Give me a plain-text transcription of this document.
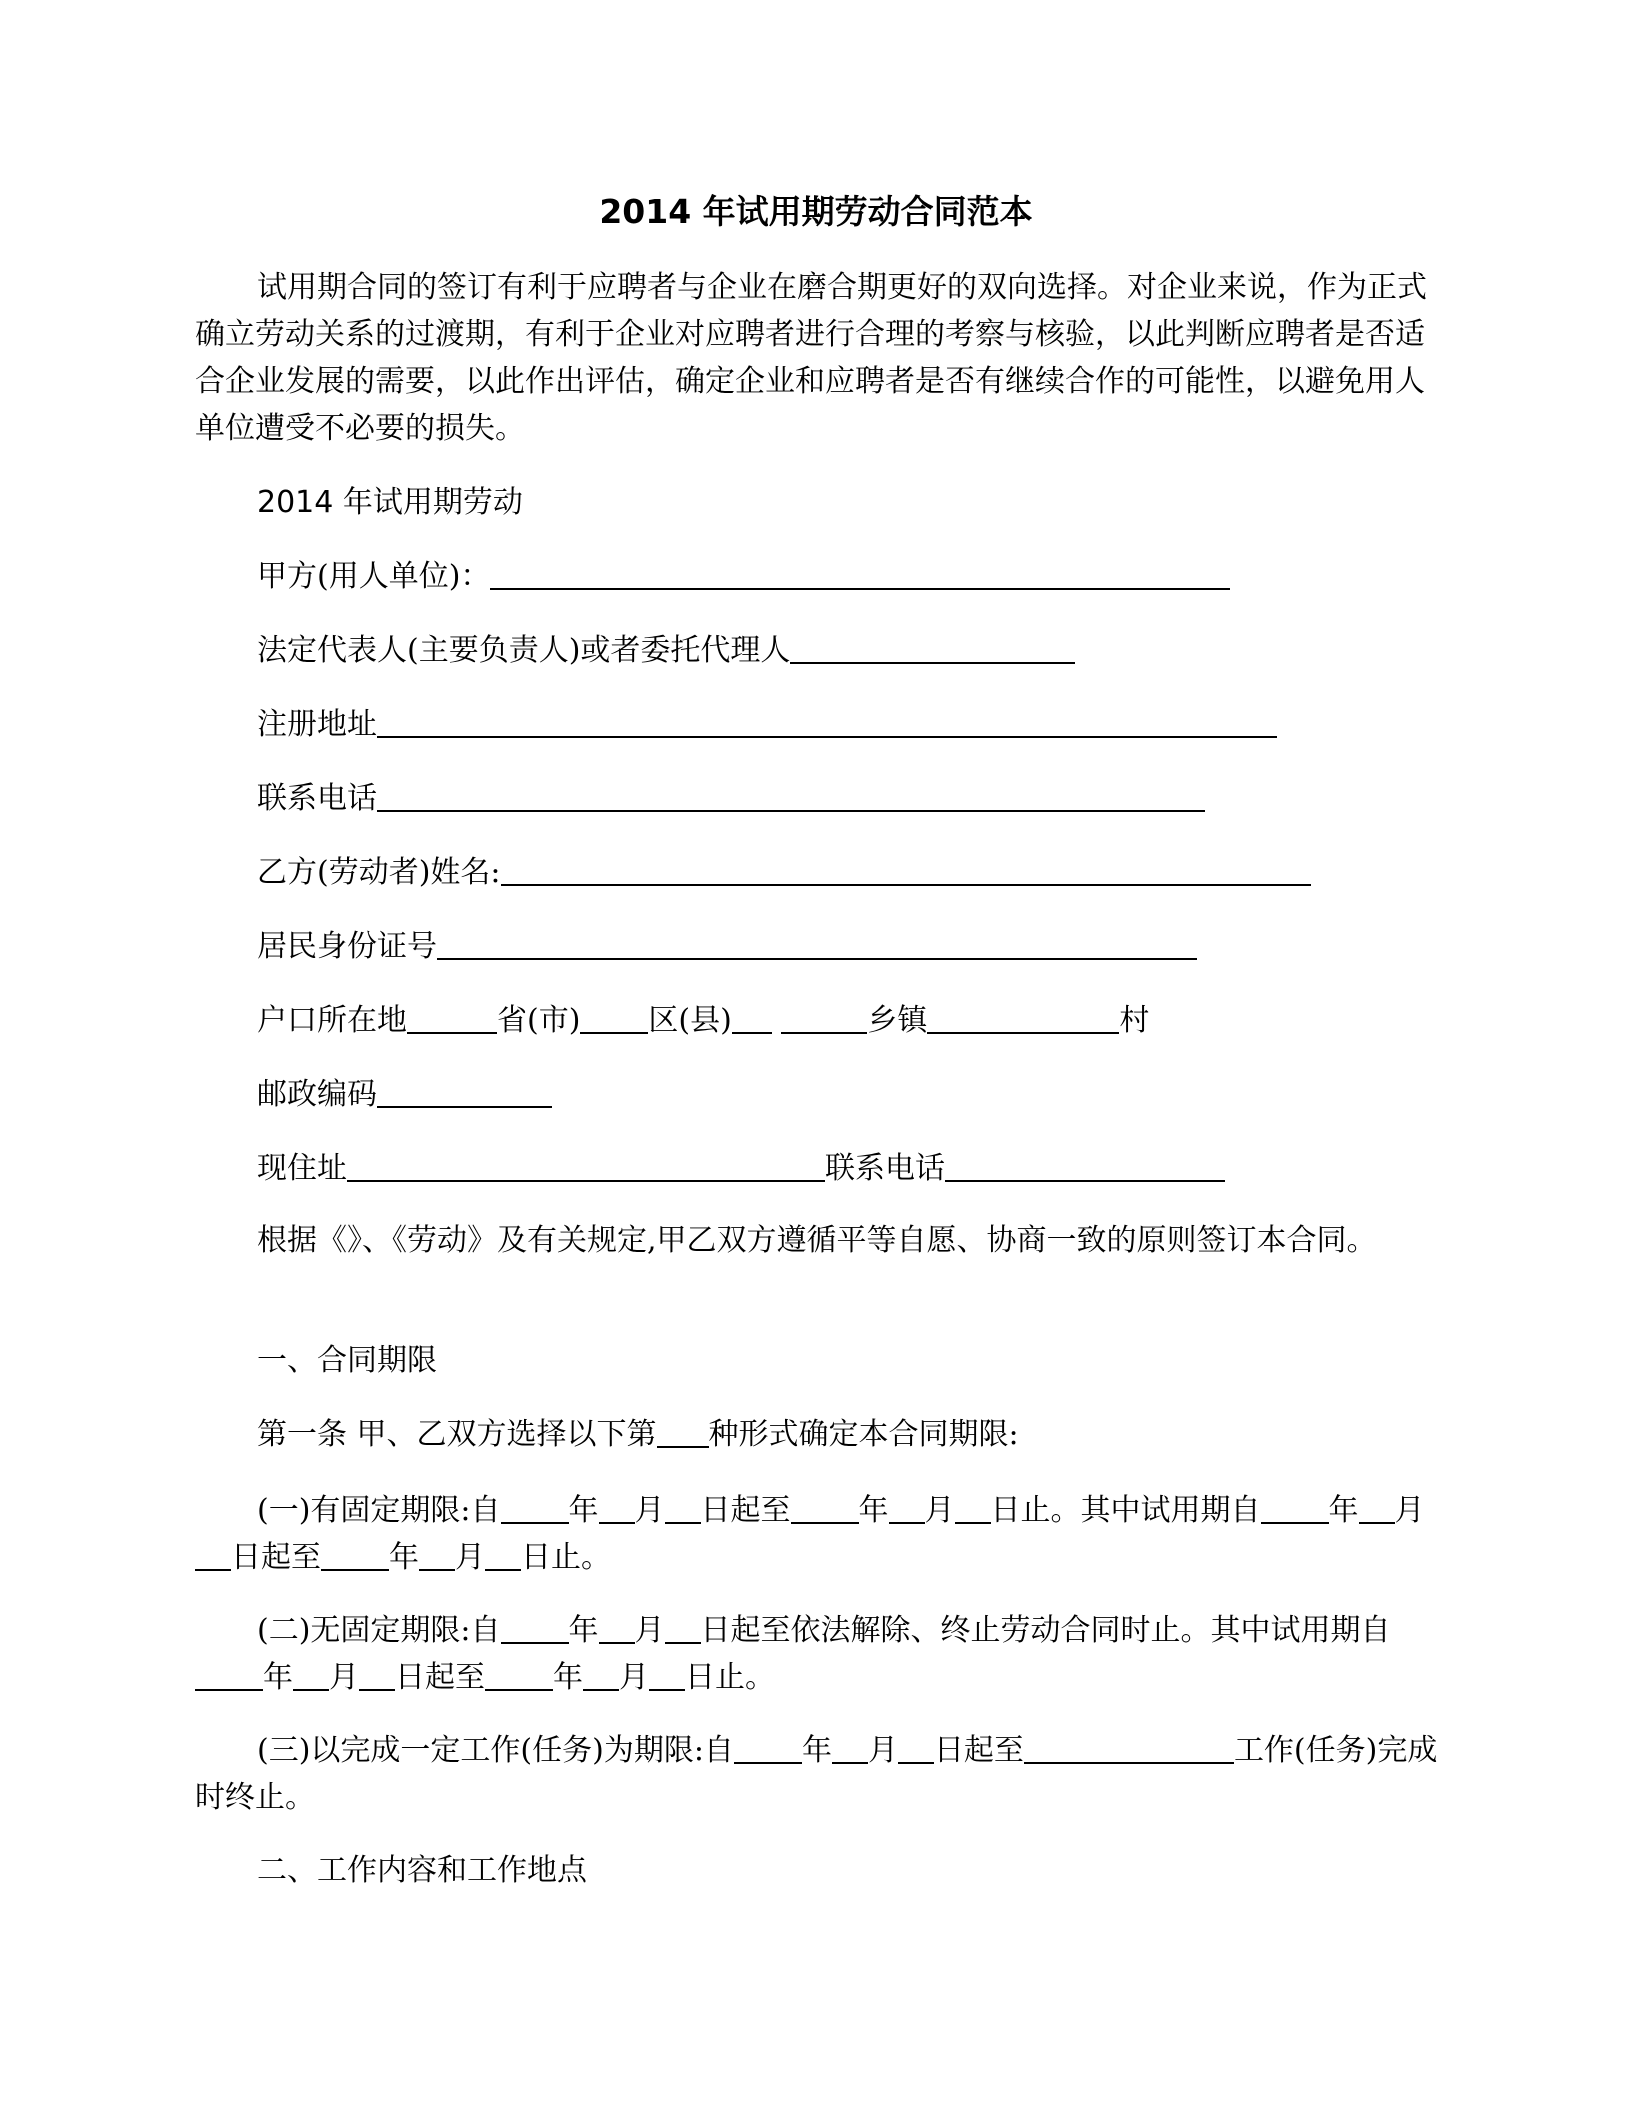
2014 年试用期劳动合同范本
试用期合同的签订有利于应聘者与企业在磨合期更好的双向选择。对企业来说，作为正式确立劳动关系的过渡期，有利于企业对应聘者进行合理的考察与核验，以此判断应聘者是否适合企业发展的需要，以此作出评估，确定企业和应聘者是否有继续合作的可能性，以避免用人单位遭受不必要的损失。
2014 年试用期劳动
甲方(用人单位)：
法定代表人(主要负责人)或者委托代理人
注册地址
联系电话
乙方(劳动者)姓名:
居民身份证号
户口所在地	省(市) 区(县)	乡镇	村
邮政编码
现住址	联系电话
根据《》、《劳动》及有关规定,甲乙双方遵循平等自愿、协商一致的原则签订本合同。
一、合同期限
第一条 甲、乙双方选择以下第 种形式确定本合同期限:
(一)有固定期限:自 年 月 日起至 年 月 日止。其中试用期自 年 月日起至 年 月 日止。
(二)无固定期限:自 年 月 日起至依法解除、终止劳动合同时止。其中试用期自年 月 日起至 年 月 日止。
(三)以完成一定工作(任务)为期限:自 年 月 日起至	工作(任务)完成时终止。
二、工作内容和工作地点
